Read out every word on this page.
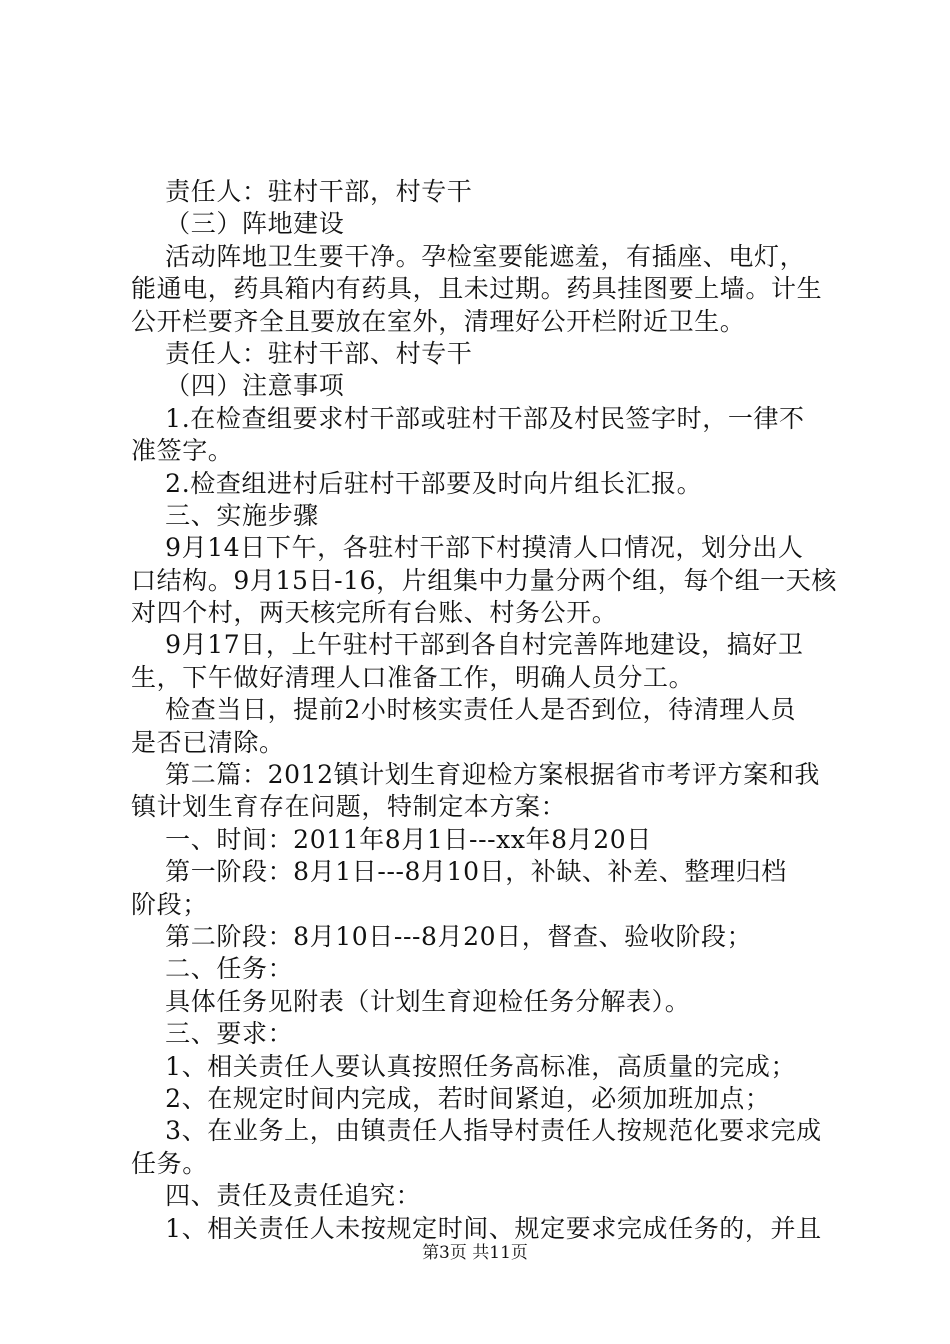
责任人：驻村干部，村专干
（三）阵地建设
活动阵地卫生要干净。孕检室要能遮羞，有插座、电灯，
能通电，药具箱内有药具，且未过期。药具挂图要上墙。计生
公开栏要齐全且要放在室外，清理好公开栏附近卫生。
责任人：驻村干部、村专干
（四）注意事项
1.在检查组要求村干部或驻村干部及村民签字时，一律不
准签字。
2.检查组进村后驻村干部要及时向片组长汇报。
三、实施步骤
9月14日下午，各驻村干部下村摸清人口情况，划分出人
口结构。9月15日-16，片组集中力量分两个组，每个组一天核
对四个村，两天核完所有台账、村务公开。
9月17日，上午驻村干部到各自村完善阵地建设，搞好卫
生，下午做好清理人口准备工作，明确人员分工。
检查当日，提前2小时核实责任人是否到位，待清理人员
是否已清除。
第二篇：2012镇计划生育迎检方案根据省市考评方案和我
镇计划生育存在问题，特制定本方案：
一、时间：2011年8月1日---xx年8月20日
第一阶段：8月1日---8月10日，补缺、补差、整理归档
阶段；
第二阶段：8月10日---8月20日，督查、验收阶段；
二、任务：
具体任务见附表（计划生育迎检任务分解表）。
三、要求：
1、相关责任人要认真按照任务高标准，高质量的完成；
2、在规定时间内完成，若时间紧迫，必须加班加点；
3、在业务上，由镇责任人指导村责任人按规范化要求完成
任务。
四、责任及责任追究：
1、相关责任人未按规定时间、规定要求完成任务的，并且
第3页 共11页
